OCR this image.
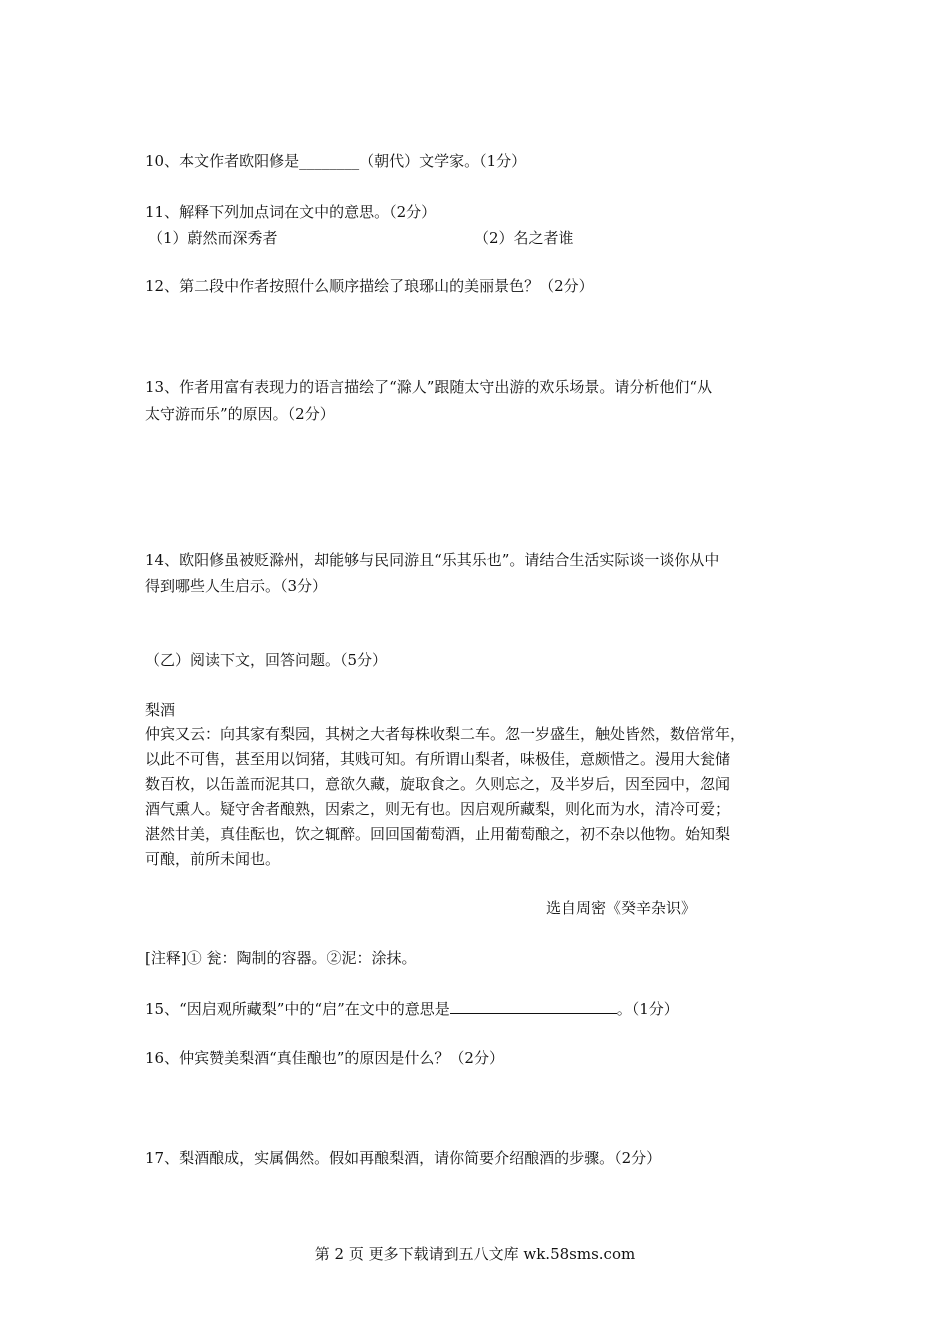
10、本文作者欧阳修是________（朝代）文学家。（1分）
11、解释下列加点词在文中的意思。（2分）
（1）蔚然而深秀者	（2）名之者谁
12、第二段中作者按照什么顺序描绘了琅琊山的美丽景色？（2分）
13、作者用富有表现力的语言描绘了“滁人”跟随太守出游的欢乐场景。请分析他们“从
太守游而乐”的原因。（2分）
14、欧阳修虽被贬滁州，却能够与民同游且“乐其乐也”。请结合生活实际谈一谈你从中
得到哪些人生启示。（3分）
（乙）阅读下文，回答问题。（5分）
梨酒
仲宾又云：向其家有梨园，其树之大者每株收梨二车。忽一岁盛生，触处皆然，数倍常年，
以此不可售，甚至用以饲猪，其贱可知。有所谓山梨者，味极佳，意颇惜之。漫用大瓮储
数百枚，以缶盖而泥其口，意欲久藏，旋取食之。久则忘之，及半岁后，因至园中，忽闻
酒气熏人。疑守舍者酿熟，因索之，则无有也。因启观所藏梨，则化而为水，清冷可爱；
湛然甘美，真佳酝也，饮之辄醉。回回国葡萄酒，止用葡萄酿之，初不杂以他物。始知梨
可酿，前所未闻也。
选自周密《癸辛杂识》
[注释]① 瓮：陶制的容器。②泥：涂抹。
15、“因启观所藏梨”中的“启”在文中的意思是	。（1分）
16、仲宾赞美梨酒“真佳酿也”的原因是什么？（2分）
17、梨酒酿成，实属偶然。假如再酿梨酒，请你简要介绍酿酒的步骤。（2分）
第 2 页 更多下载请到五八文库 wk.58sms.com
